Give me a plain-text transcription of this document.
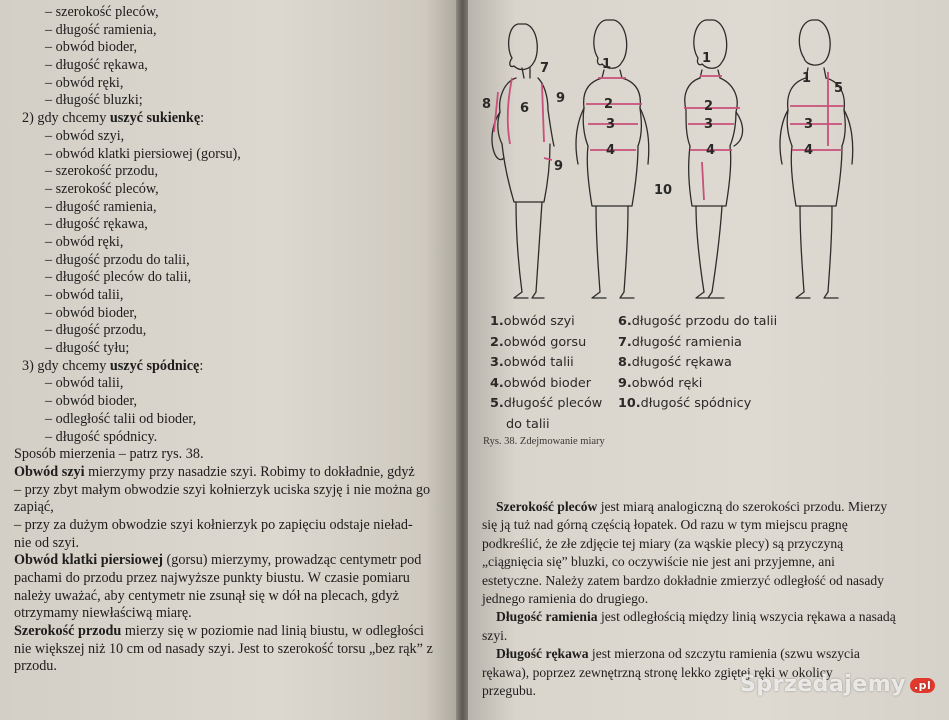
– szerokość pleców,
– długość ramienia,
– obwód bioder,
– długość rękawa,
– obwód ręki,
– długość bluzki;
2) gdy chcemy uszyć sukienkę:
– obwód szyi,
– obwód klatki piersiowej (gorsu),
– szerokość przodu,
– szerokość pleców,
– długość ramienia,
– długość rękawa,
– obwód ręki,
– długość przodu do talii,
– długość pleców do talii,
– obwód talii,
– obwód bioder,
– długość przodu,
– długość tyłu;
3) gdy chcemy uszyć spódnicę:
– obwód talii,
– obwód bioder,
– odległość talii od bioder,
– długość spódnicy.
Sposób mierzenia – patrz rys. 38.
Obwód szyi mierzymy przy nasadzie szyi. Robimy to dokładnie, gdyż
– przy zbyt małym obwodzie szyi kołnierzyk uciska szyję i nie można go
zapiąć,
– przy za dużym obwodzie szyi kołnierzyk po zapięciu odstaje nieład-
nie od szyi.
Obwód klatki piersiowej (gorsu) mierzymy, prowadząc centymetr pod
pachami do przodu przez najwyższe punkty biustu. W czasie pomiaru
należy uważać, aby centymetr nie zsunął się w dół na plecach, gdyż
otrzymamy niewłaściwą miarę.
Szerokość przodu mierzy się w poziomie nad linią biustu, w odległości
nie większej niż 10 cm od nasady szyi. Jest to szerokość torsu „bez rąk” z
przodu.
1	1
1
2	2
3	3	3
4	4	4
5
6
7
8	9
9
10
1.obwód szyi
2.obwód gorsu
3.obwód talii
4.obwód bioder
5.długość pleców
do talii
6.długość przodu do talii
7.długość ramienia
8.długość rękawa
9.obwód ręki
10.długość spódnicy
Rys. 38. Zdejmowanie miary
Szerokość pleców jest miarą analogiczną do szerokości przodu. Mierzy
się ją tuż nad górną częścią łopatek. Od razu w tym miejscu pragnę
podkreślić, że złe zdjęcie tej miary (za wąskie plecy) są przyczyną
„ciągnięcia się” bluzki, co oczywiście nie jest ani przyjemne, ani
estetyczne. Należy zatem bardzo dokładnie zmierzyć odległość od nasady
jednego ramienia do drugiego.
Długość ramienia jest odległością między linią wszycia rękawa a nasadą
szyi.
Długość rękawa jest mierzona od szczytu ramienia (szwu wszycia
rękawa), poprzez zewnętrzną stronę lekko zgiętej ręki w okolicy
przegubu.	Sprzedajemy .pl
